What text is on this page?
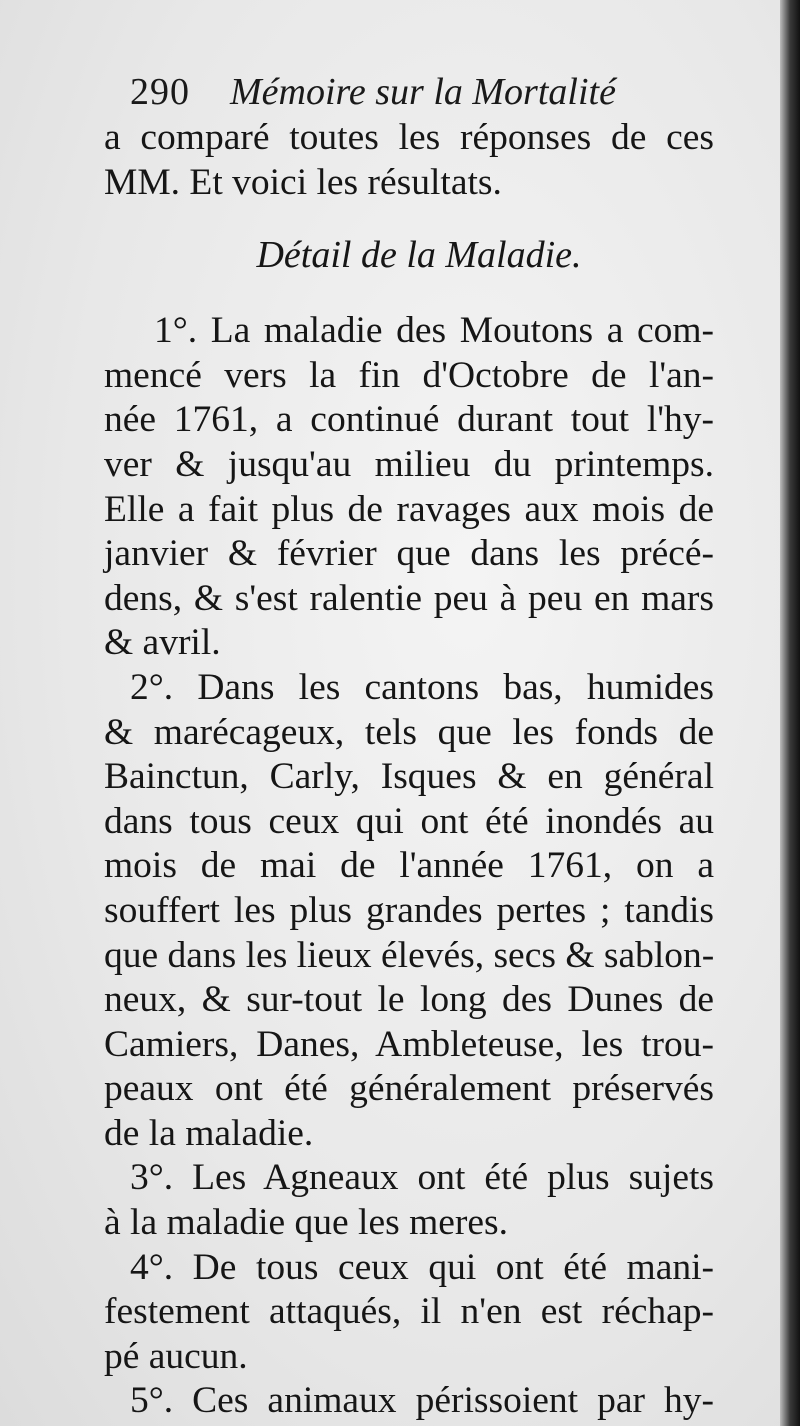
290 Mémoire sur la Mortalité
a comparé toutes les réponses de ces
MM. Et voici les résultats.
Détail de la Maladie.
1°. La maladie des Moutons a com-
mencé vers la fin d'Octobre de l'an-
née 1761, a continué durant tout l'hy-
ver & jusqu'au milieu du printemps.
Elle a fait plus de ravages aux mois de
janvier & février que dans les précé-
dens, & s'est ralentie peu à peu en mars
& avril.
2°. Dans les cantons bas, humides
& marécageux, tels que les fonds de
Bainctun, Carly, Isques & en général
dans tous ceux qui ont été inondés au
mois de mai de l'année 1761, on a
souffert les plus grandes pertes ; tandis
que dans les lieux élevés, secs & sablon-
neux, & sur-tout le long des Dunes de
Camiers, Danes, Ambleteuse, les trou-
peaux ont été généralement préservés
de la maladie.
3°. Les Agneaux ont été plus sujets
à la maladie que les meres.
4°. De tous ceux qui ont été mani-
festement attaqués, il n'en est réchap-
pé aucun.
5°. Ces animaux périssoient par hy-
